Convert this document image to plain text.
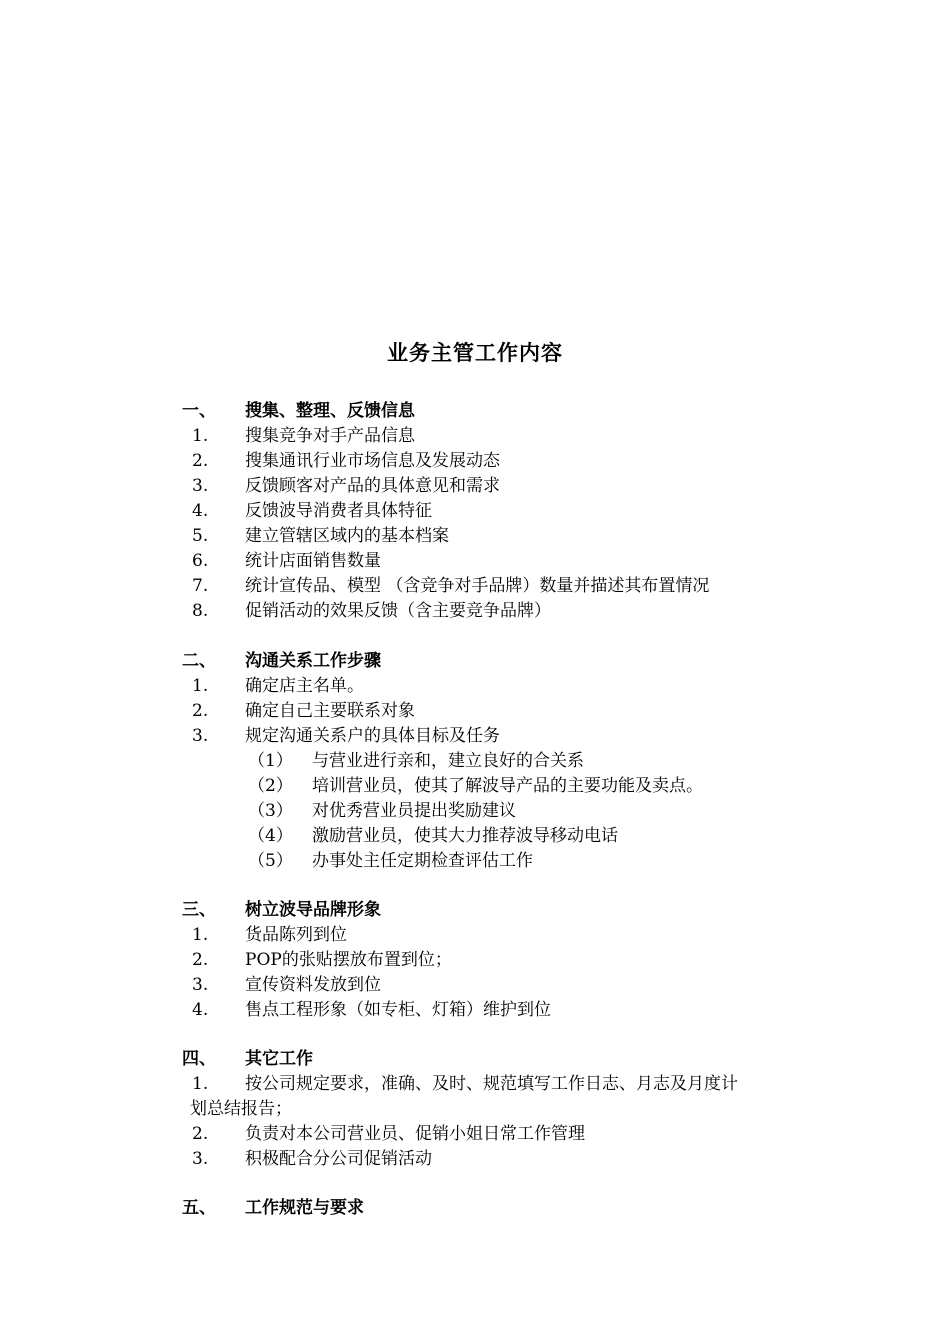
业务主管工作内容
一、 搜集、整理、反馈信息
1. 搜集竞争对手产品信息
2. 搜集通讯行业市场信息及发展动态
3. 反馈顾客对产品的具体意见和需求
4. 反馈波导消费者具体特征
5. 建立管辖区域内的基本档案
6. 统计店面销售数量
7. 统计宣传品、模型 （含竞争对手品牌）数量并描述其布置情况
8. 促销活动的效果反馈（含主要竞争品牌）
二、 沟通关系工作步骤
1. 确定店主名单。
2. 确定自己主要联系对象
3. 规定沟通关系户的具体目标及任务
（1） 与营业进行亲和，建立良好的合关系
（2） 培训营业员，使其了解波导产品的主要功能及卖点。
（3） 对优秀营业员提出奖励建议
（4） 激励营业员，使其大力推荐波导移动电话
（5） 办事处主任定期检查评估工作
三、 树立波导品牌形象
1. 货品陈列到位
2. POP的张贴摆放布置到位；
3. 宣传资料发放到位
4. 售点工程形象（如专柜、灯箱）维护到位
四、 其它工作
1. 按公司规定要求，准确、及时、规范填写工作日志、月志及月度计
划总结报告；
2. 负责对本公司营业员、促销小姐日常工作管理
3. 积极配合分公司促销活动
五、 工作规范与要求
